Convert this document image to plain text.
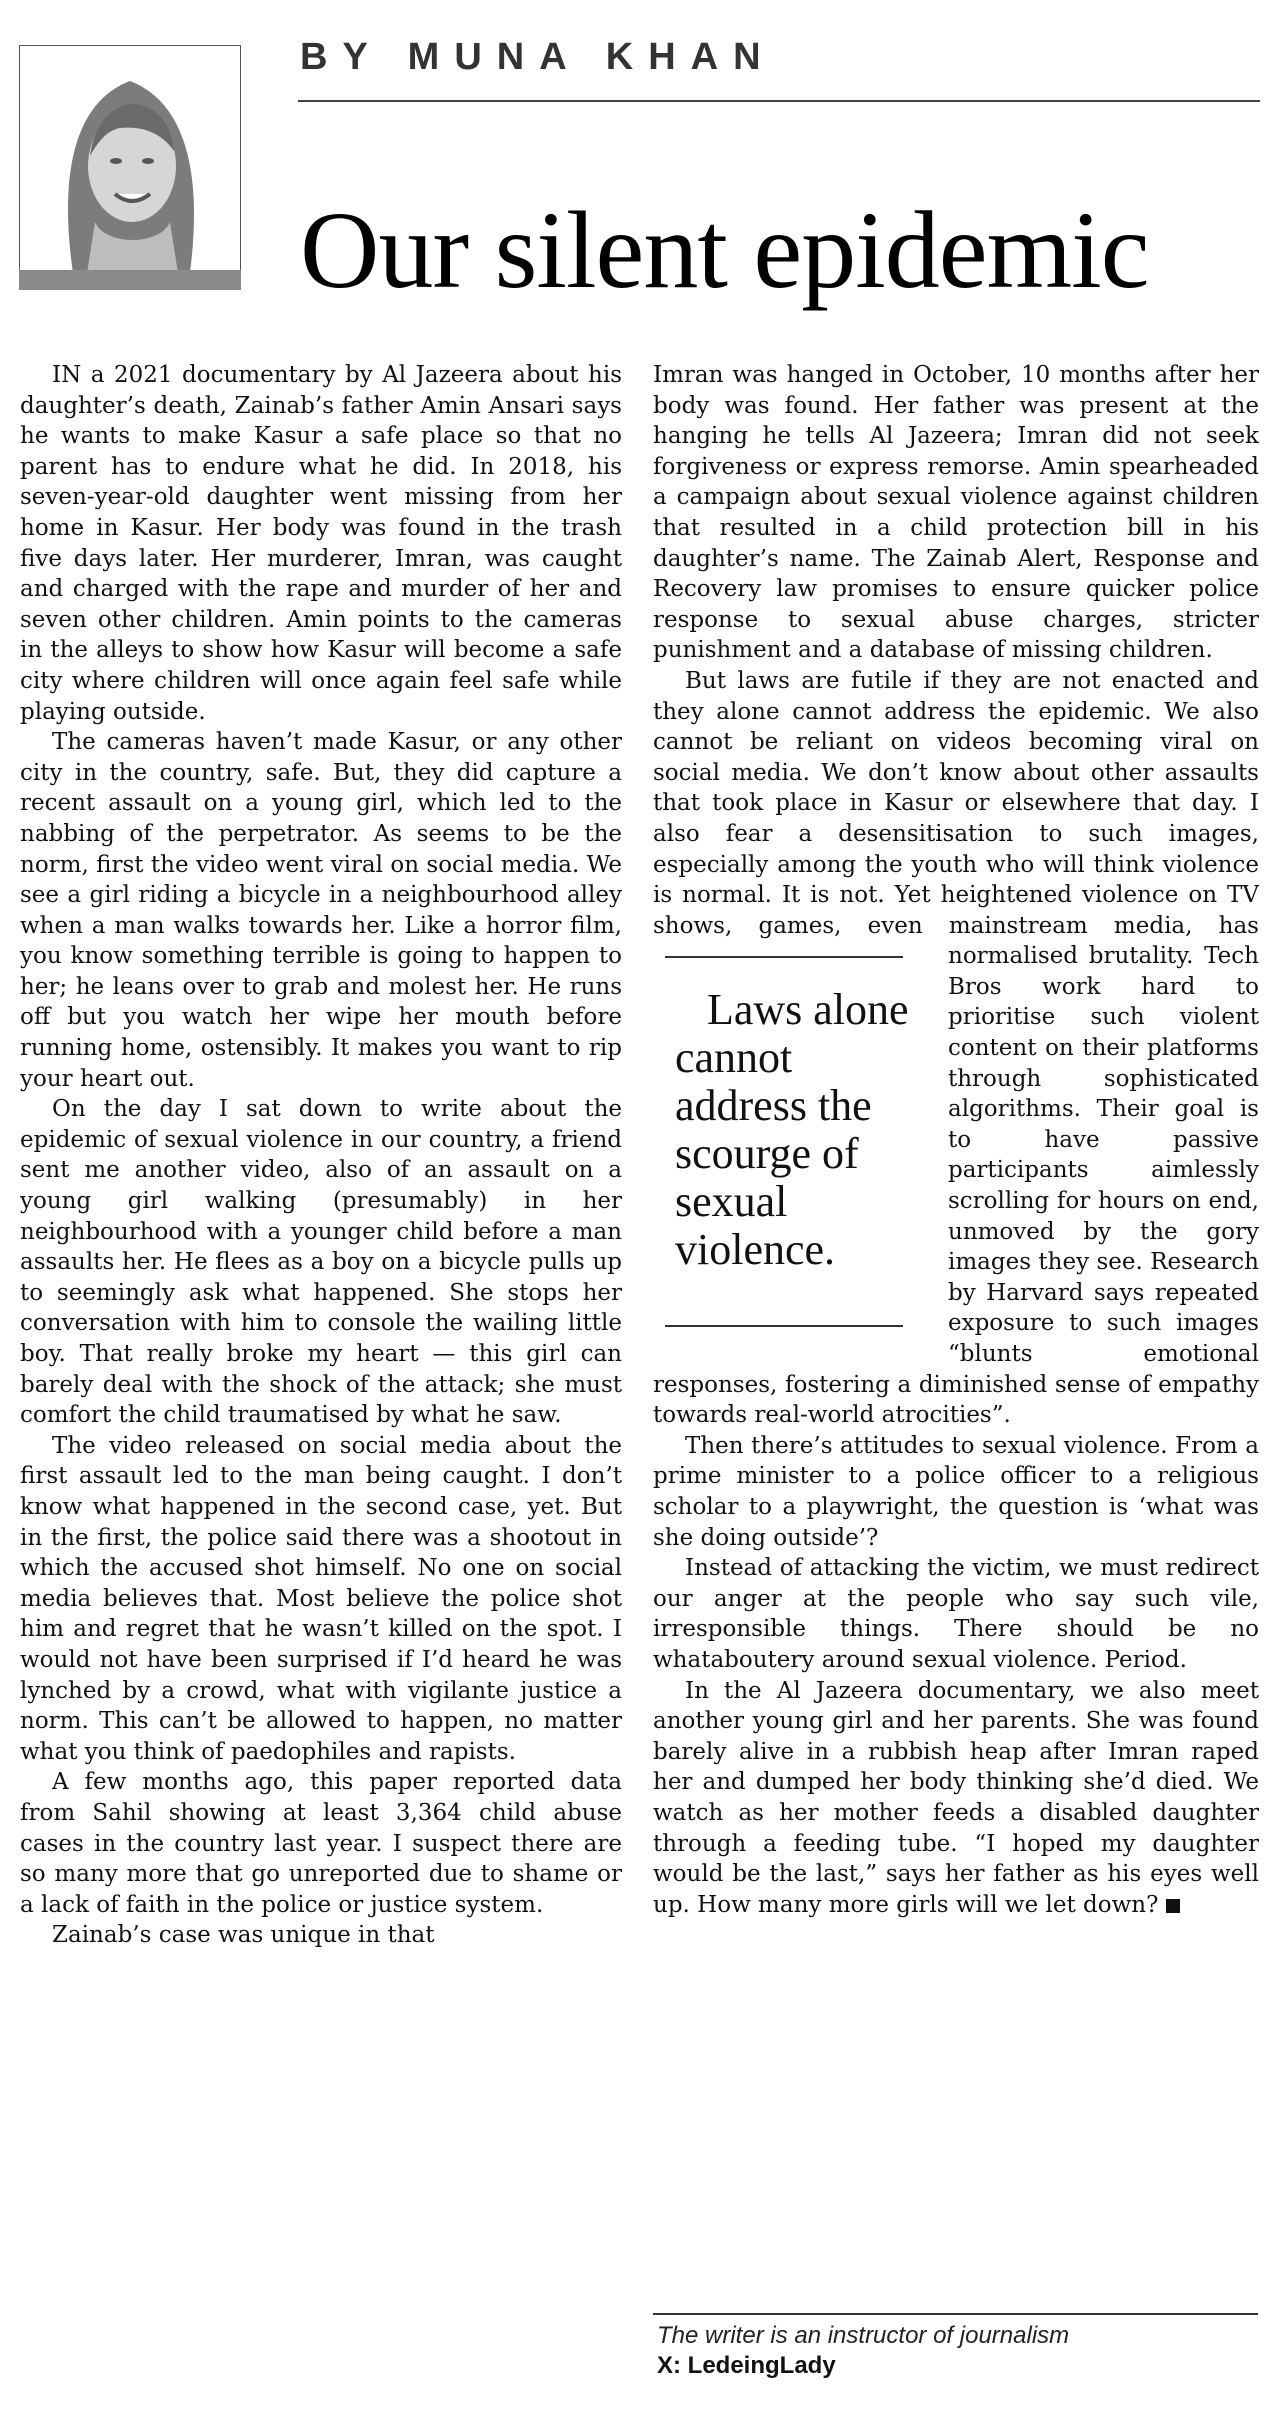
BY MUNA KHAN
Our silent epidemic

IN a 2021 documentary by Al Jazeera about his daughter’s death, Zainab’s father Amin Ansari says he wants to make Kasur a safe place so that no parent has to endure what he did. In 2018, his seven-year-old daughter went missing from her home in Kasur. Her body was found in the trash five days later. Her murderer, Imran, was caught and charged with the rape and murder of her and seven other children. Amin points to the cameras in the alleys to show how Kasur will become a safe city where children will once again feel safe while playing outside.

The cameras haven’t made Kasur, or any other city in the country, safe. But, they did capture a recent assault on a young girl, which led to the nabbing of the perpetrator. As seems to be the norm, first the video went viral on social media. We see a girl riding a bicycle in a neighbourhood alley when a man walks towards her. Like a horror film, you know something terrible is going to happen to her; he leans over to grab and molest her. He runs off but you watch her wipe her mouth before running home, ostensibly. It makes you want to rip your heart out.

On the day I sat down to write about the epidemic of sexual violence in our country, a friend sent me another video, also of an assault on a young girl walking (presumably) in her neighbourhood with a younger child before a man assaults her. He flees as a boy on a bicycle pulls up to seemingly ask what happened. She stops her conversation with him to console the wailing little boy. That really broke my heart — this girl can barely deal with the shock of the attack; she must comfort the child traumatised by what he saw.

The video released on social media about the first assault led to the man being caught. I don’t know what happened in the second case, yet. But in the first, the police said there was a shootout in which the accused shot himself. No one on social media believes that. Most believe the police shot him and regret that he wasn’t killed on the spot. I would not have been surprised if I’d heard he was lynched by a crowd, what with vigilante justice a norm. This can’t be allowed to happen, no matter what you think of paedophiles and rapists.

A few months ago, this paper reported data from Sahil showing at least 3,364 child abuse cases in the country last year. I suspect there are so many more that go unreported due to shame or a lack of faith in the police or justice system.

Zainab’s case was unique in that

Imran was hanged in October, 10 months after her body was found. Her father was present at the hanging he tells Al Jazeera; Imran did not seek forgiveness or express remorse. Amin spearheaded a campaign about sexual violence against children that resulted in a child protection bill in his daughter’s name. The Zainab Alert, Response and Recovery law promises to ensure quicker police response to sexual abuse charges, stricter punishment and a database of missing children.

But laws are futile if they are not enacted and they alone cannot address the epidemic. We also cannot be reliant on videos becoming viral on social media. We don’t know about other assaults that took place in Kasur or elsewhere that day. I also fear a desensitisation to such images, especially among the youth who will think violence is normal. It is not. Yet heightened violence on TV shows, games, even mainstream media, has normalised brutality.
Laws alone cannot address the scourge of sexual violence.
Tech Bros work hard to prioritise such violent content on their platforms through sophisticated algorithms. Their goal is to have passive participants aimlessly scrolling for hours on end, unmoved by the gory images they see. Research by Harvard says repeated exposure to such images “blunts emotional responses, fostering a diminished sense of empathy towards real-world atrocities”.

Then there’s attitudes to sexual violence. From a prime minister to a police officer to a religious scholar to a playwright, the question is ‘what was she doing outside’?

Instead of attacking the victim, we must redirect our anger at the people who say such vile, irresponsible things. There should be no whataboutery around sexual violence. Period.

In the Al Jazeera documentary, we also meet another young girl and her parents. She was found barely alive in a rubbish heap after Imran raped her and dumped her body thinking she’d died. We watch as her mother feeds a disabled daughter through a feeding tube. “I hoped my daughter would be the last,” says her father as his eyes well up. How many more girls will we let down?

The writer is an instructor of journalism
X: LedeingLady
